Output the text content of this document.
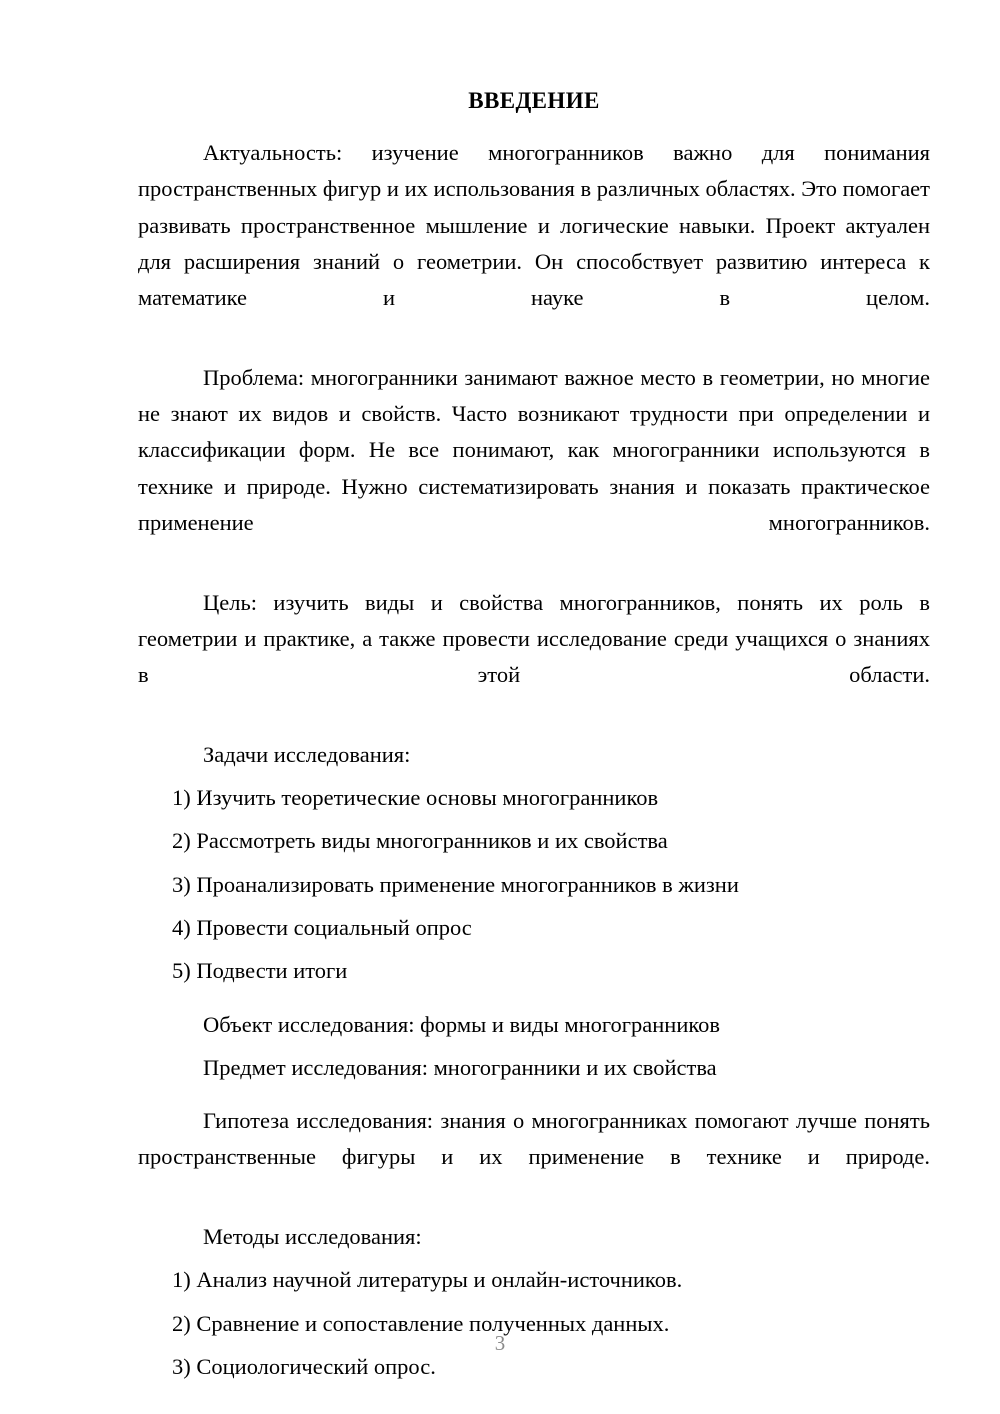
ВВЕДЕНИЕ

Актуальность: изучение многогранников важно для понимания пространственных фигур и их использования в различных областях. Это помогает развивать пространственное мышление и логические навыки. Проект актуален для расширения знаний о геометрии. Он способствует развитию интереса к математике и науке в целом.

Проблема: многогранники занимают важное место в геометрии, но многие не знают их видов и свойств. Часто возникают трудности при определении и классификации форм. Не все понимают, как многогранники используются в технике и природе. Нужно систематизировать знания и показать практическое применение многогранников.

Цель: изучить виды и свойства многогранников, понять их роль в геометрии и практике, а также провести исследование среди учащихся о знаниях в этой области.

Задачи исследования:

1) Изучить теоретические основы многогранников
2) Рассмотреть виды многогранников и их свойства
3) Проанализировать применение многогранников в жизни
4) Провести социальный опрос
5) Подвести итоги

Объект исследования: формы и виды многогранников

Предмет исследования: многогранники и их свойства

Гипотеза исследования: знания о многогранниках помогают лучше понять пространственные фигуры и их применение в технике и природе.

Методы исследования:

1) Анализ научной литературы и онлайн-источников.
2) Сравнение и сопоставление полученных данных.
3) Социологический опрос.
3
